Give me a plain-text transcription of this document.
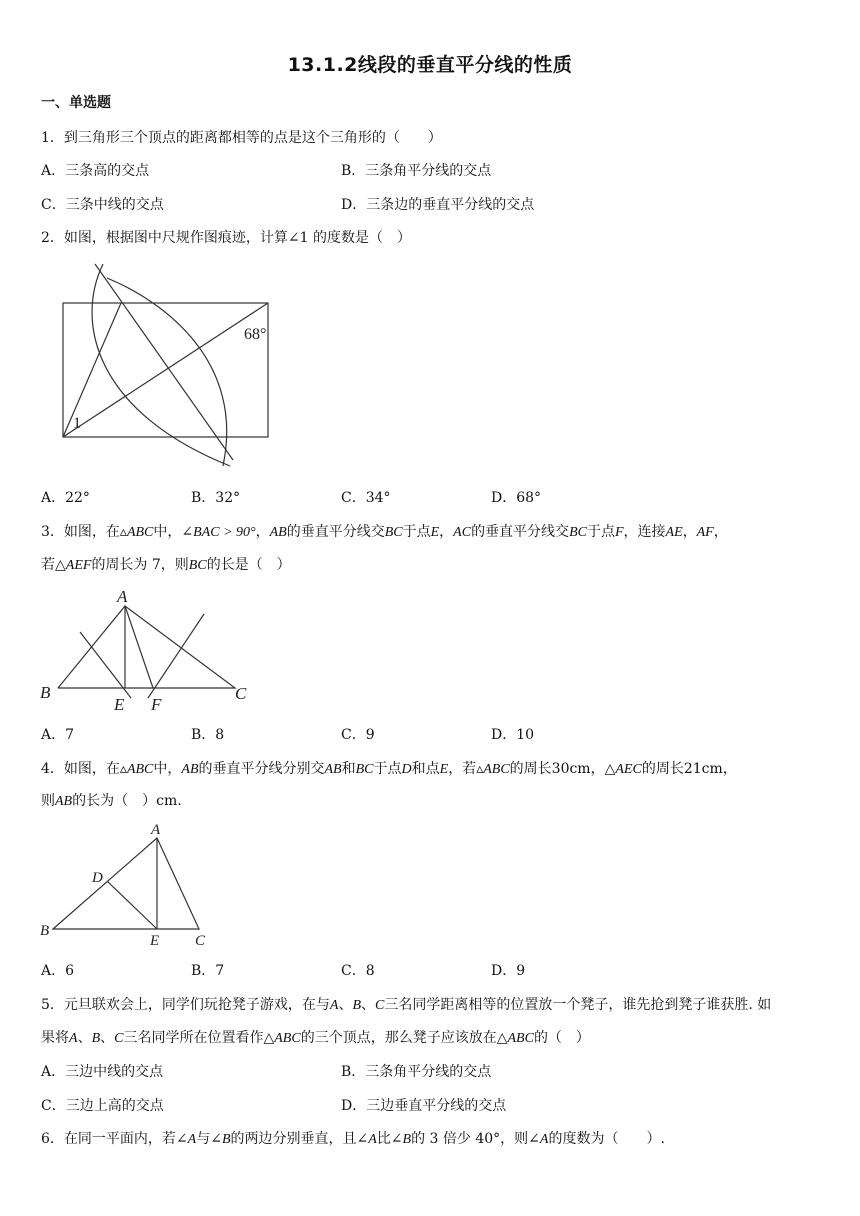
13.1.2线段的垂直平分线的性质
一、单选题
1．到三角形三个顶点的距离都相等的点是这个三角形的（　　）
A．三条高的交点	B．三条角平分线的交点
C．三条中线的交点	D．三条边的垂直平分线的交点
2．如图，根据图中尺规作图痕迹，计算∠1 的度数是（　）
68°
1
A．22°	B．32°	C．34°	D．68°
3．如图，在▵ABC中，∠BAC > 90°，AB的垂直平分线交BC于点E，AC的垂直平分线交BC于点F，连接AE，AF，
若△AEF的周长为 7，则BC的长是（　）
A
B	C
E F
A．7	B．8	C．9	D．10
4．如图，在▵ABC中，AB的垂直平分线分别交AB和BC于点D和点E，若▵ABC的周长30cm，△AEC的周长21cm，
则AB的长为（　）cm.
A
D
B
E C
A．6	B．7	C．8	D．9
5．元旦联欢会上，同学们玩抢凳子游戏，在与A、B、C三名同学距离相等的位置放一个凳子，谁先抢到凳子谁获胜. 如
果将A、B、C三名同学所在位置看作△ABC的三个顶点，那么凳子应该放在△ABC的（　）
A．三边中线的交点	B．三条角平分线的交点
C．三边上高的交点	D．三边垂直平分线的交点
6．在同一平面内，若∠A与∠B的两边分别垂直，且∠A比∠B的 3 倍少 40°，则∠A的度数为（　　）.
